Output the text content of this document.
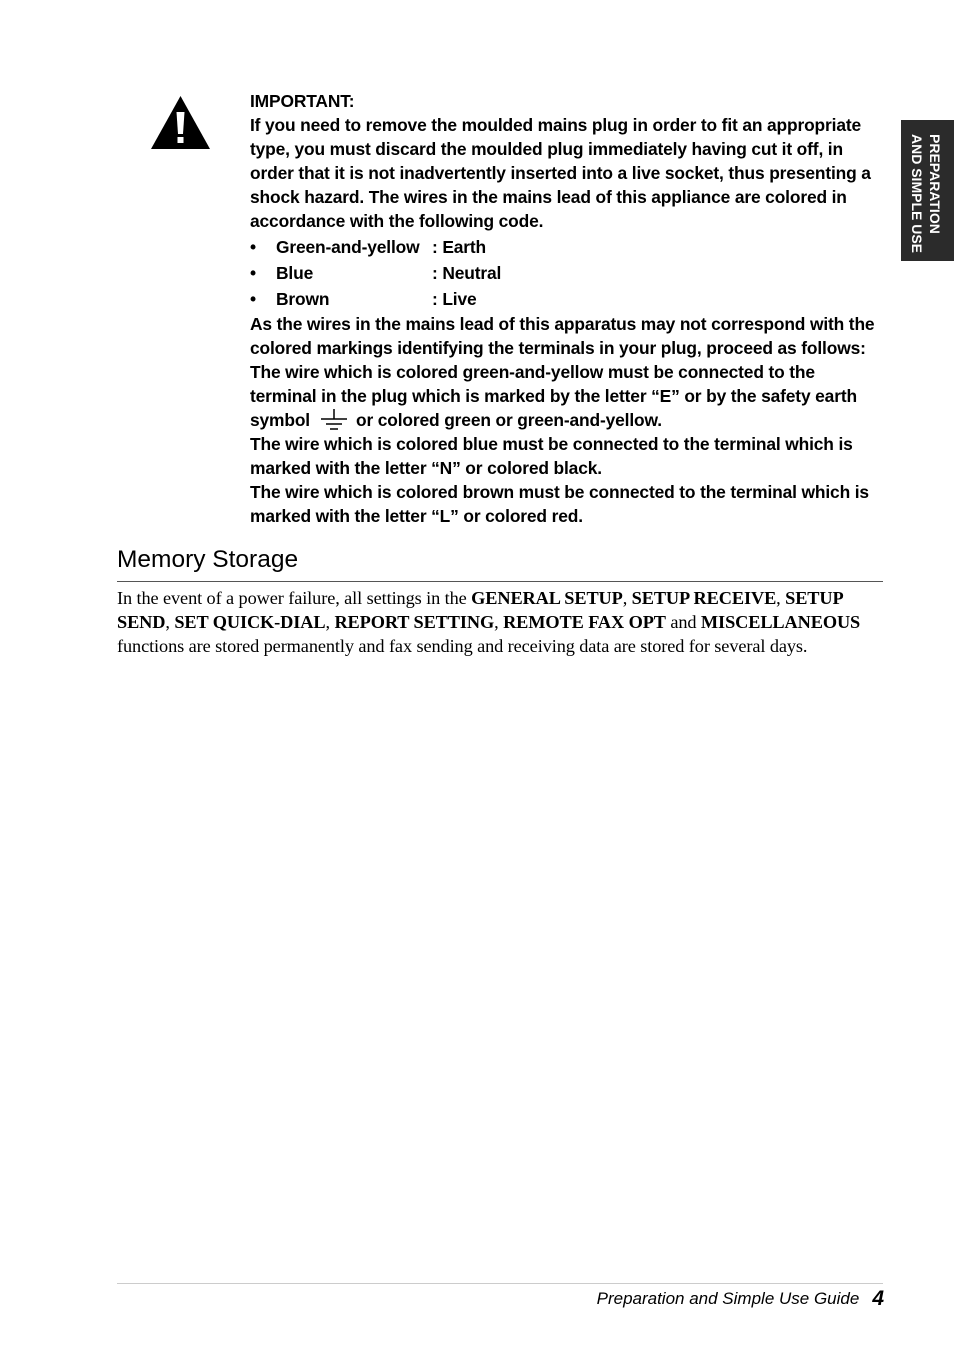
PREPARATION
AND SIMPLE USE

IMPORTANT:

If you need to remove the moulded mains plug in order to fit an appropriate type, you must discard the moulded plug immediately having cut it off, in order that it is not inadvertently inserted into a live socket, thus presenting a shock hazard. The wires in the mains lead of this appliance are colored in accordance with the following code.

•	Green-and-yellow : Earth
•	Blue	: Neutral
•	Brown	: Live

As the wires in the mains lead of this apparatus may not correspond with the colored markings identifying the terminals in your plug, proceed as follows:

The wire which is colored green-and-yellow must be connected to the terminal in the plug which is marked by the letter “E” or by the safety earth symbol	or colored green or green-and-yellow.

The wire which is colored blue must be connected to the terminal which is marked with the letter “N” or colored black.

The wire which is colored brown must be connected to the terminal which is marked with the letter “L” or colored red.

Memory Storage

In the event of a power failure, all settings in the GENERAL SETUP, SETUP RECEIVE, SETUP SEND, SET QUICK-DIAL, REPORT SETTING, REMOTE FAX OPT and MISCELLANEOUS functions are stored permanently and fax sending and receiving data are stored for several days.

Preparation and Simple Use Guide 4
